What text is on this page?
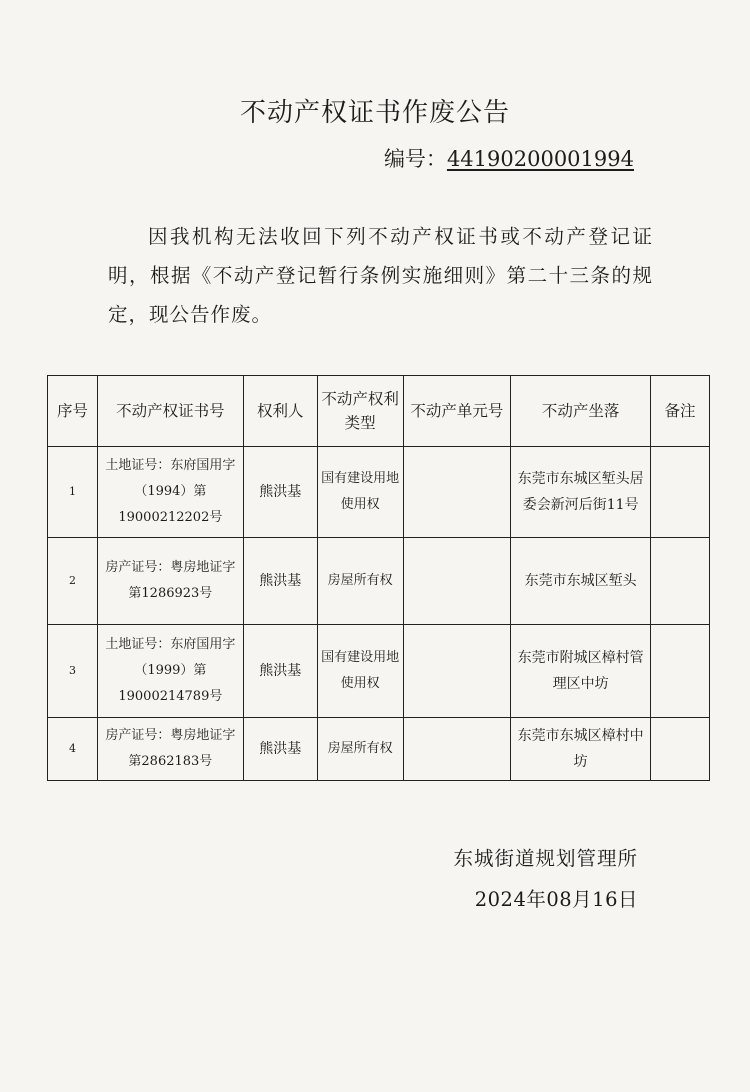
不动产权证书作废公告
编号：44190200001994
因我机构无法收回下列不动产权证书或不动产登记证明，根据《不动产登记暂行条例实施细则》第二十三条的规定，现公告作废。
序号	不动产权证书号	权利人	不动产权利类型	不动产单元号	不动产坐落	备注
1	土地证号：东府国用字（1994）第19000212202号	熊洪基	国有建设用地使用权		东莞市东城区堑头居委会新河后街11号	
2	房产证号：粤房地证字第1286923号	熊洪基	房屋所有权		东莞市东城区堑头	
3	土地证号：东府国用字（1999）第19000214789号	熊洪基	国有建设用地使用权		东莞市附城区樟村管理区中坊	
4	房产证号：粤房地证字第2862183号	熊洪基	房屋所有权		东莞市东城区樟村中坊	
东城街道规划管理所
2024年08月16日
